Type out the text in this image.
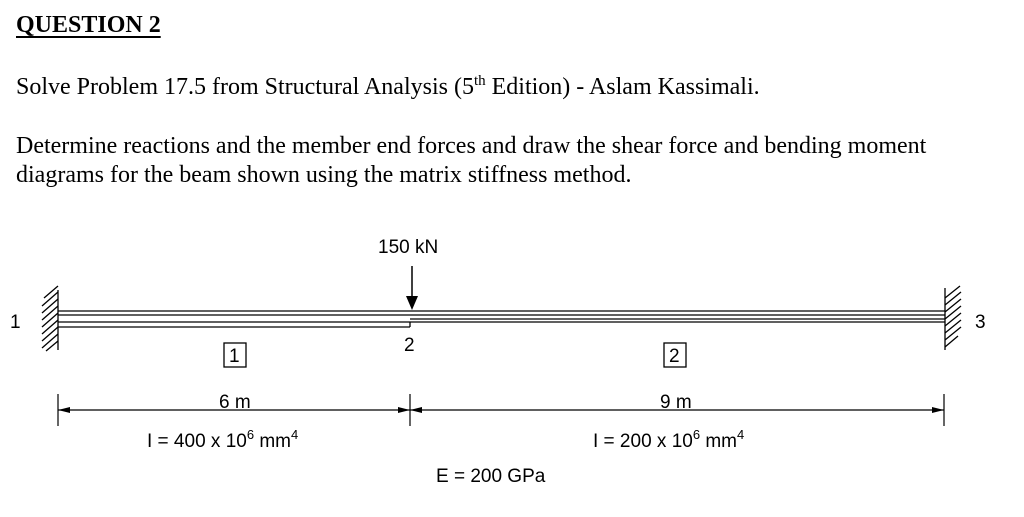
QUESTION 2
Solve Problem 17.5 from Structural Analysis (5th Edition) - Aslam Kassimali.
Determine reactions and the member end forces and draw the shear force and bending moment diagrams for the beam shown using the matrix stiffness method.
150 kN
1
2
3
1	2
6 m	9 m
I = 400 x $10^6$ $mm^4$	I = 200 x $10^6$ $mm^4$
E = 200 GPa
